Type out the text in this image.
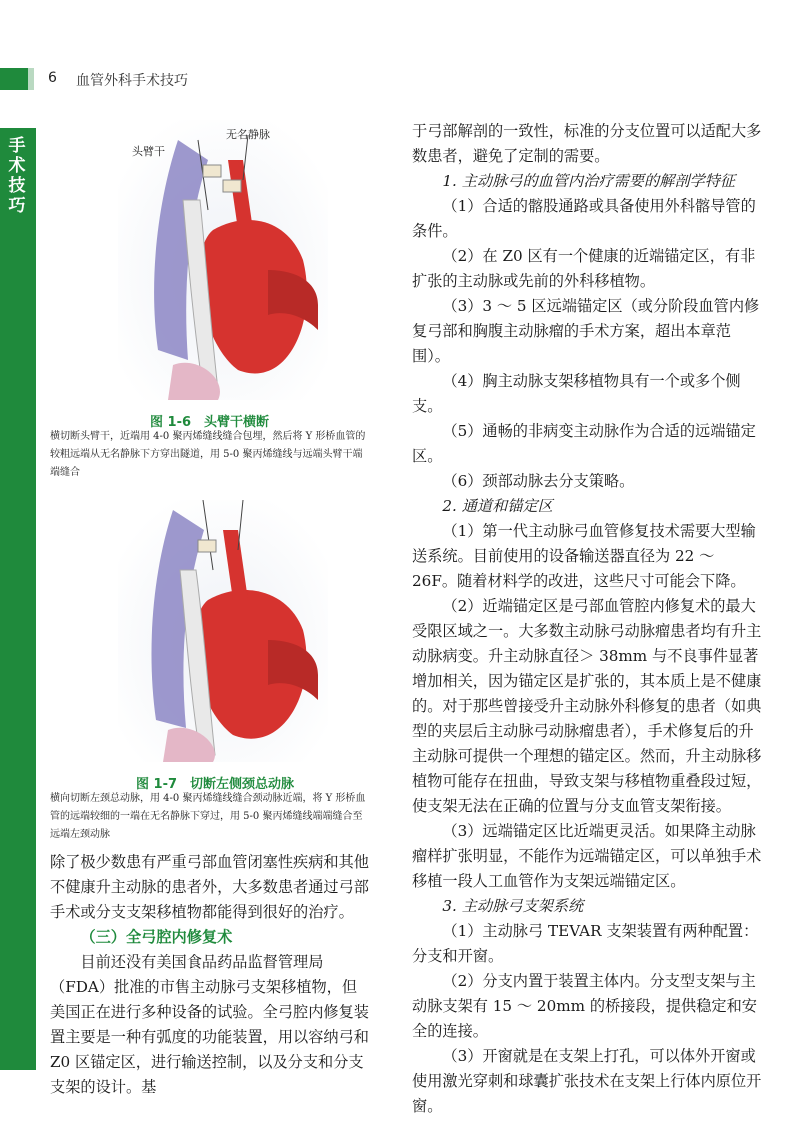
6 血管外科手术技巧
手术技巧
头臂干
无名静脉
图 1-6　头臂干横断
横切断头臂干，近端用 4-0 聚丙烯缝线缝合包埋，然后将 Y 形桥血管的较粗远端从无名静脉下方穿出隧道，用 5-0 聚丙烯缝线与远端头臂干端端缝合
图 1-7　切断左侧颈总动脉
横向切断左颈总动脉，用 4-0 聚丙烯缝线缝合颈动脉近端，将 Y 形桥血管的远端较细的一端在无名静脉下穿过，用 5-0 聚丙烯缝线端端缝合至远端左颈动脉

除了极少数患有严重弓部血管闭塞性疾病和其他不健康升主动脉的患者外，大多数患者通过弓部手术或分支支架移植物都能得到很好的治疗。

（三）全弓腔内修复术

目前还没有美国食品药品监督管理局（FDA）批准的市售主动脉弓支架移植物，但美国正在进行多种设备的试验。全弓腔内修复装置主要是一种有弧度的功能装置，用以容纳弓和 Z0 区锚定区，进行输送控制，以及分支和分支支架的设计。基

于弓部解剖的一致性，标准的分支位置可以适配大多数患者，避免了定制的需要。

1. 主动脉弓的血管内治疗需要的解剖学特征

（1）合适的髂股通路或具备使用外科髂导管的条件。

（2）在 Z0 区有一个健康的近端锚定区，有非扩张的主动脉或先前的外科移植物。

（3）3 ～ 5 区远端锚定区（或分阶段血管内修复弓部和胸腹主动脉瘤的手术方案，超出本章范围）。

（4）胸主动脉支架移植物具有一个或多个侧支。

（5）通畅的非病变主动脉作为合适的远端锚定区。

（6）颈部动脉去分支策略。

2. 通道和锚定区

（1）第一代主动脉弓血管修复技术需要大型输送系统。目前使用的设备输送器直径为 22 ～ 26F。随着材料学的改进，这些尺寸可能会下降。

（2）近端锚定区是弓部血管腔内修复术的最大受限区域之一。大多数主动脉弓动脉瘤患者均有升主动脉病变。升主动脉直径＞ 38mm 与不良事件显著增加相关，因为锚定区是扩张的，其本质上是不健康的。对于那些曾接受升主动脉外科修复的患者（如典型的夹层后主动脉弓动脉瘤患者），手术修复后的升主动脉可提供一个理想的锚定区。然而，升主动脉移植物可能存在扭曲，导致支架与移植物重叠段过短，使支架无法在正确的位置与分支血管支架衔接。

（3）远端锚定区比近端更灵活。如果降主动脉瘤样扩张明显，不能作为远端锚定区，可以单独手术移植一段人工血管作为支架远端锚定区。

3. 主动脉弓支架系统

（1）主动脉弓 TEVAR 支架装置有两种配置：分支和开窗。

（2）分支内置于装置主体内。分支型支架与主动脉支架有 15 ～ 20mm 的桥接段，提供稳定和安全的连接。

（3）开窗就是在支架上打孔，可以体外开窗或使用激光穿刺和球囊扩张技术在支架上行体内原位开窗。
